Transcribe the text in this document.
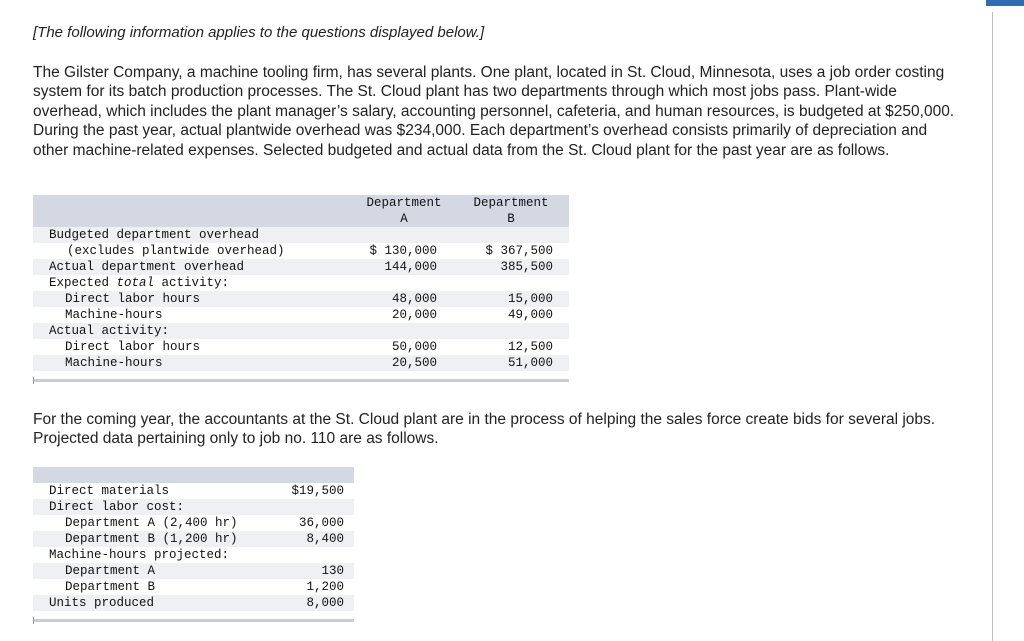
[The following information applies to the questions displayed below.]
The Gilster Company, a machine tooling firm, has several plants. One plant, located in St. Cloud, Minnesota, uses a job order costing system for its batch production processes. The St. Cloud plant has two departments through which most jobs pass. Plant-wide overhead, which includes the plant manager’s salary, accounting personnel, cafeteria, and human resources, is budgeted at $250,000. During the past year, actual plantwide overhead was $234,000. Each department’s overhead consists primarily of depreciation and other machine-related expenses. Selected budgeted and actual data from the St. Cloud plant for the past year are as follows.
	Department	Department
	A	B
Budgeted department overhead		
(excludes plantwide overhead)	$ 130,000	$ 367,500
Actual department overhead	144,000	385,500
Expected total activity:		
Direct labor hours	48,000	15,000
Machine-hours	20,000	49,000
Actual activity:		
Direct labor hours	50,000	12,500
Machine-hours	20,500	51,000
For the coming year, the accountants at the St. Cloud plant are in the process of helping the sales force create bids for several jobs. Projected data pertaining only to job no. 110 are as follows.

Direct materials	$19,500
Direct labor cost:	
Department A (2,400 hr)	36,000
Department B (1,200 hr)	8,400
Machine-hours projected:	
Department A	130
Department B	1,200
Units produced	8,000
